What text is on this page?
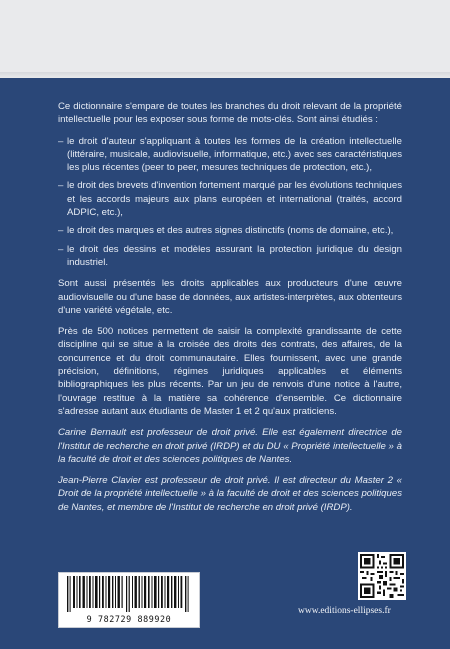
Ce dictionnaire s'empare de toutes les branches du droit relevant de la propriété intellectuelle pour les exposer sous forme de mots-clés. Sont ainsi étudiés :

– le droit d'auteur s'appliquant à toutes les formes de la création intellectuelle (littéraire, musicale, audiovisuelle, informatique, etc.) avec ses caractéristiques les plus récentes (peer to peer, mesures techniques de protection, etc.),
– le droit des brevets d'invention fortement marqué par les évolutions techniques et les accords majeurs aux plans européen et international (traités, accord ADPIC, etc.),
– le droit des marques et des autres signes distinctifs (noms de domaine, etc.),
– le droit des dessins et modèles assurant la protection juridique du design industriel.

Sont aussi présentés les droits applicables aux producteurs d'une œuvre audiovisuelle ou d'une base de données, aux artistes-interprètes, aux obtenteurs d'une variété végétale, etc.

Près de 500 notices permettent de saisir la complexité grandissante de cette discipline qui se situe à la croisée des droits des contrats, des affaires, de la concurrence et du droit communautaire. Elles fournissent, avec une grande précision, définitions, régimes juridiques applicables et éléments bibliographiques les plus récents. Par un jeu de renvois d'une notice à l'autre, l'ouvrage restitue à la matière sa cohérence d'ensemble. Ce dictionnaire s'adresse autant aux étudiants de Master 1 et 2 qu'aux praticiens.

Carine Bernault est professeur de droit privé. Elle est également directrice de l'Institut de recherche en droit privé (IRDP) et du DU « Propriété intellectuelle » à la faculté de droit et des sciences politiques de Nantes.

Jean-Pierre Clavier est professeur de droit privé. Il est directeur du Master 2 « Droit de la propriété intellectuelle » à la faculté de droit et des sciences politiques de Nantes, et membre de l'Institut de recherche en droit privé (IRDP).

9 782729 889920
www.editions-ellipses.fr
